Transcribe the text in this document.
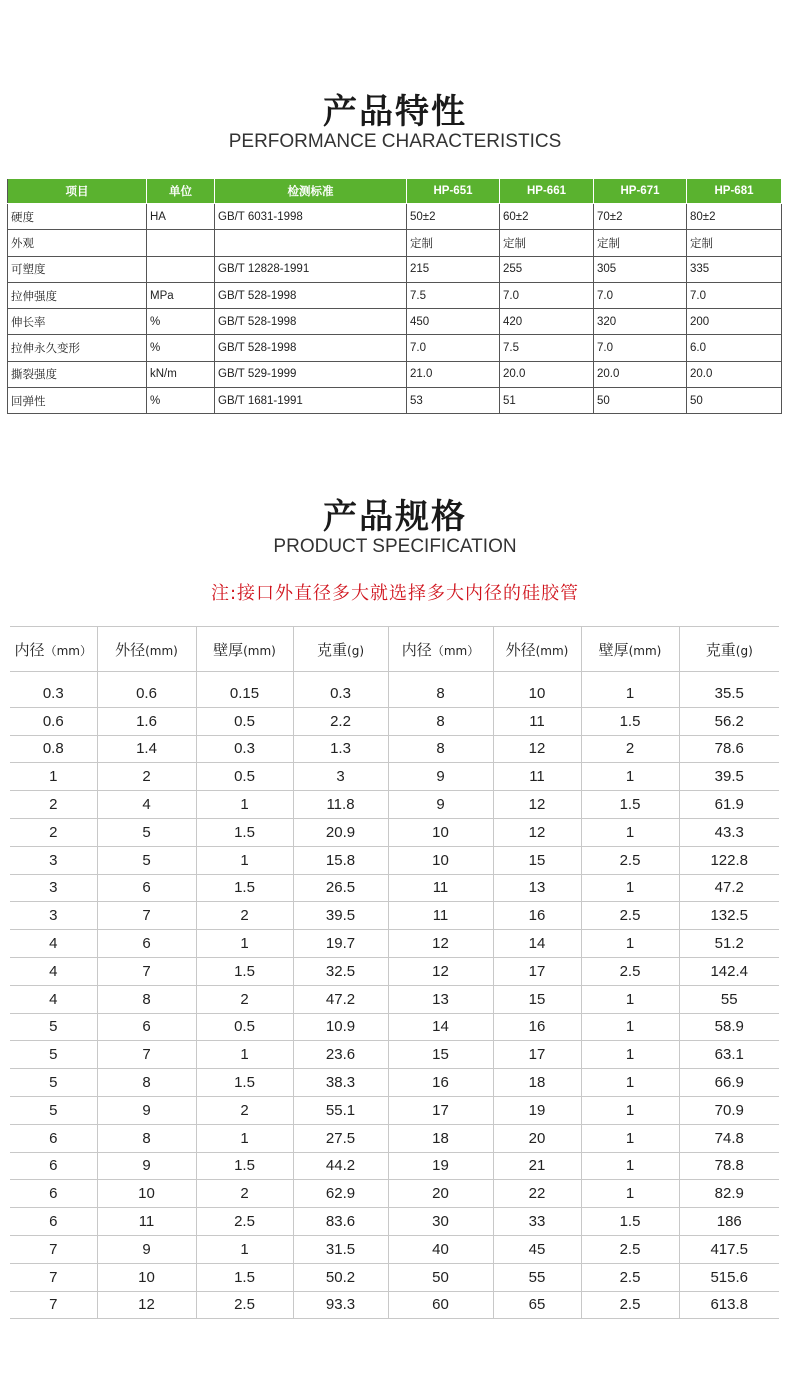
产品特性
PERFORMANCE CHARACTERISTICS
项目	单位	检测标准	HP-651	HP-661	HP-671	HP-681
硬度	HA	GB/T 6031-1998	50±2	60±2	70±2	80±2
外观			定制	定制	定制	定制
可塑度		GB/T 12828-1991	215	255	305	335
拉伸强度	MPa	GB/T 528-1998	7.5	7.0	7.0	7.0
伸长率	%	GB/T 528-1998	450	420	320	200
拉伸永久变形	%	GB/T 528-1998	7.0	7.5	7.0	6.0
撕裂强度	kN/m	GB/T 529-1999	21.0	20.0	20.0	20.0
回弹性	%	GB/T 1681-1991	53	51	50	50
产品规格
PRODUCT SPECIFICATION
注:接口外直径多大就选择多大内径的硅胶管
内径（mm）	外径(mm)	壁厚(mm)	克重(g)	内径（mm）	外径(mm)	壁厚(mm)	克重(g)
0.3	0.6	0.15	0.3	8	10	1	35.5
0.6	1.6	0.5	2.2	8	11	1.5	56.2
0.8	1.4	0.3	1.3	8	12	2	78.6
1	2	0.5	3	9	11	1	39.5
2	4	1	11.8	9	12	1.5	61.9
2	5	1.5	20.9	10	12	1	43.3
3	5	1	15.8	10	15	2.5	122.8
3	6	1.5	26.5	11	13	1	47.2
3	7	2	39.5	11	16	2.5	132.5
4	6	1	19.7	12	14	1	51.2
4	7	1.5	32.5	12	17	2.5	142.4
4	8	2	47.2	13	15	1	55
5	6	0.5	10.9	14	16	1	58.9
5	7	1	23.6	15	17	1	63.1
5	8	1.5	38.3	16	18	1	66.9
5	9	2	55.1	17	19	1	70.9
6	8	1	27.5	18	20	1	74.8
6	9	1.5	44.2	19	21	1	78.8
6	10	2	62.9	20	22	1	82.9
6	11	2.5	83.6	30	33	1.5	186
7	9	1	31.5	40	45	2.5	417.5
7	10	1.5	50.2	50	55	2.5	515.6
7	12	2.5	93.3	60	65	2.5	613.8
